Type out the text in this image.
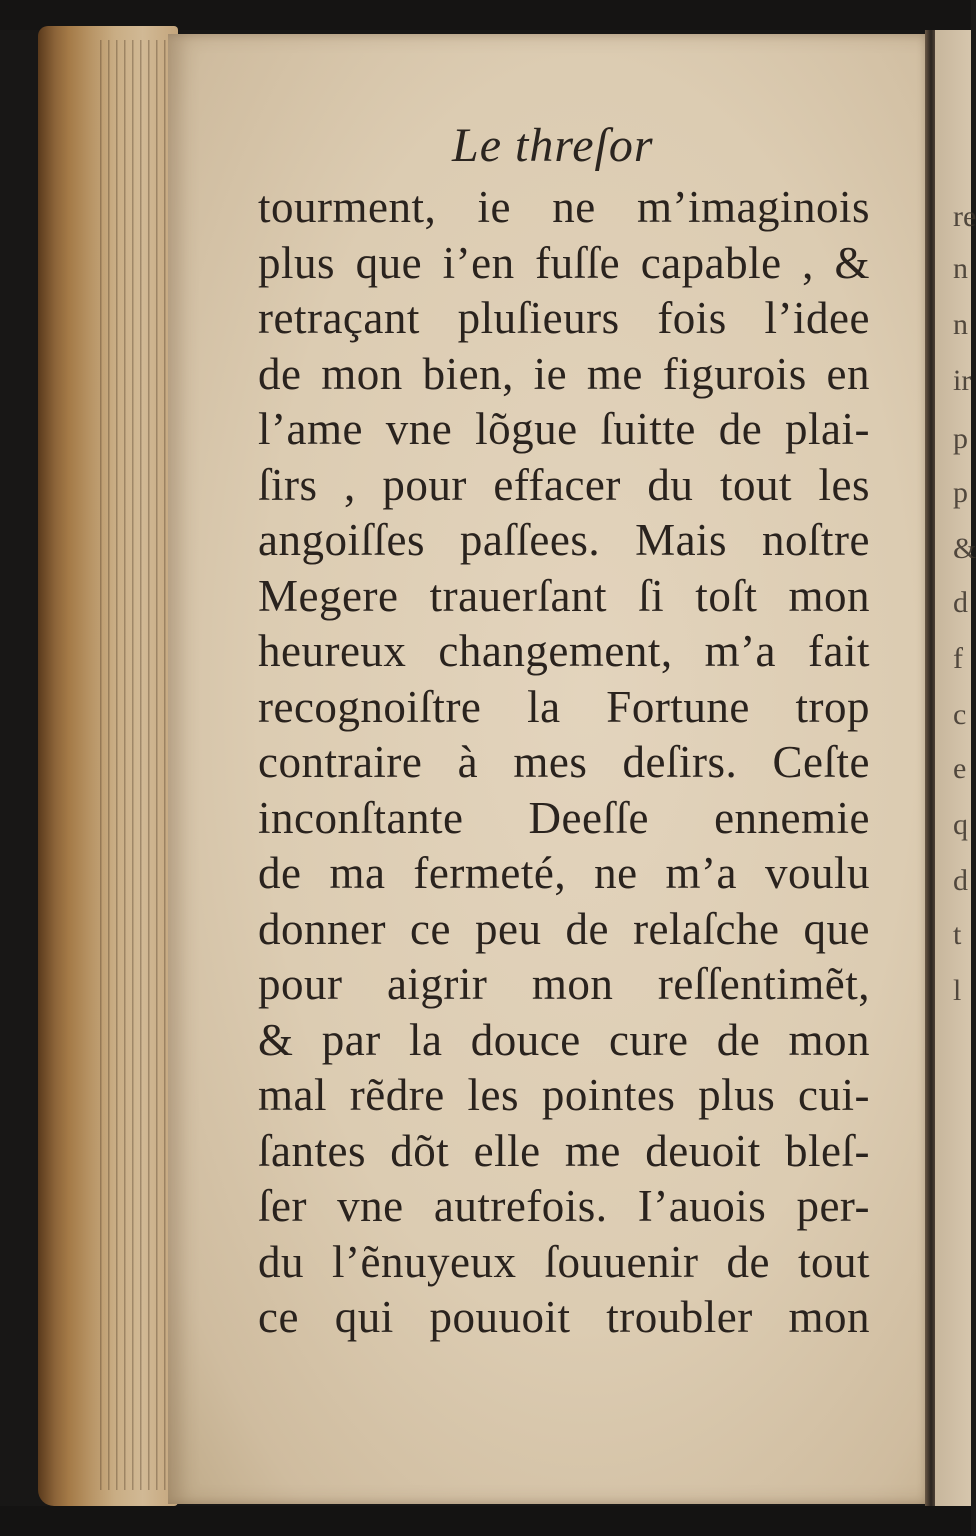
Le threſor
tourment, ie ne m’imaginois
plus que i’en fuſſe capable , &
retraçant pluſieurs fois l’idee
de mon bien, ie me figurois en
l’ame vne lõgue ſuitte de plai-
ſirs , pour effacer du tout les
angoiſſes paſſees. Mais noſtre
Megere trauerſant ſi toſt mon
heureux changement, m’a fait
recognoiſtre la Fortune trop
contraire à mes deſirs. Ceſte
inconſtante Deeſſe ennemie
de ma fermeté, ne m’a voulu
donner ce peu de relaſche que
pour aigrir mon reſſentimẽt,
& par la douce cure de mon
mal rẽdre les pointes plus cui-
ſantes dõt elle me deuoit bleſ-
ſer vne autrefois. I’auois per-
du l’ẽnuyeux ſouuenir de tout
ce qui pouuoit troubler mon
re
n
n
ir
p
p
&
d
f
c
e
q
d
t
l
